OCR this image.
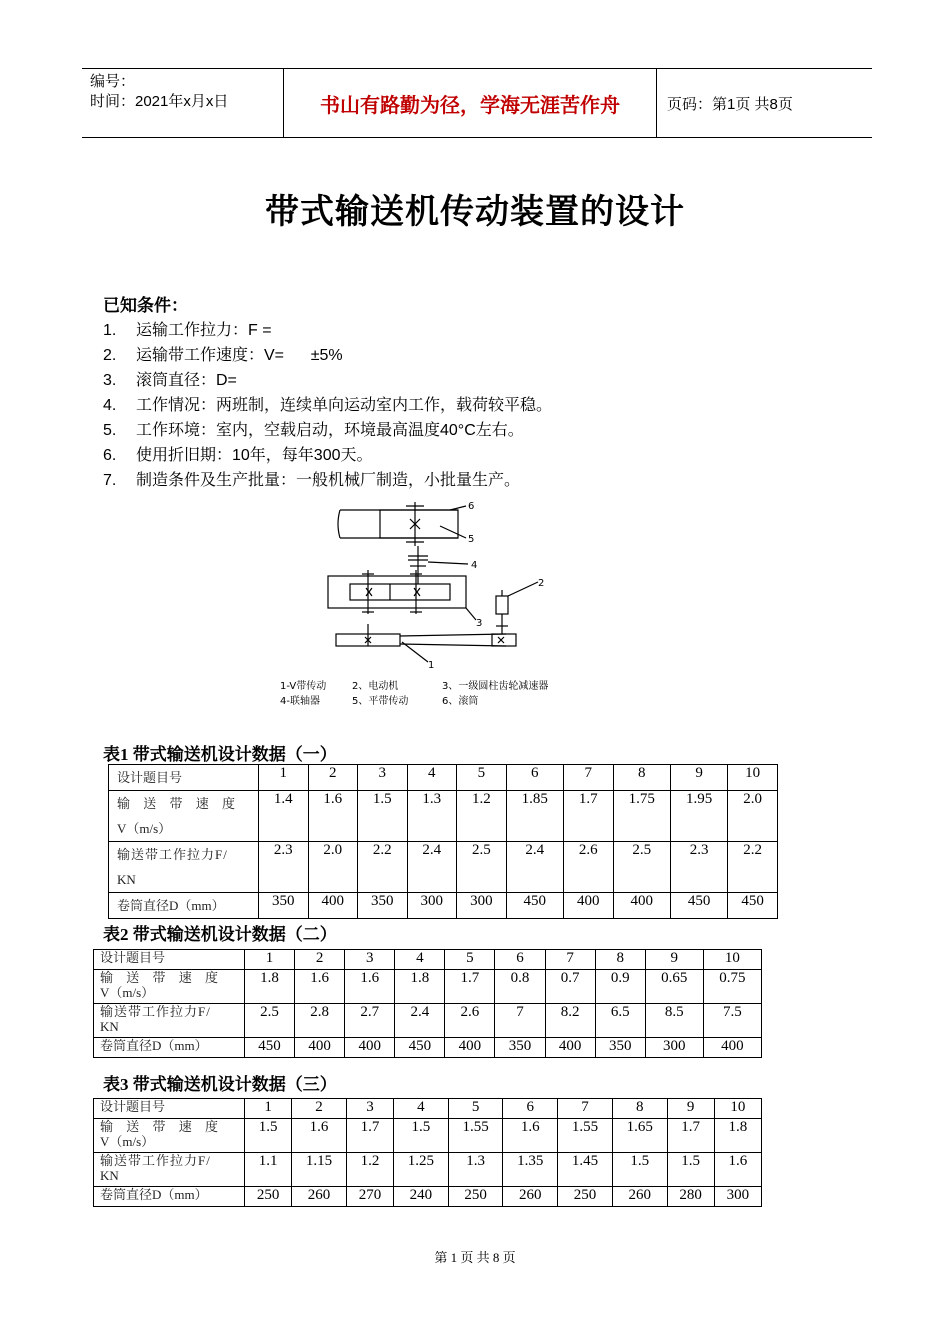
编号：
时间：2021年x月x日	书山有路勤为径，学海无涯苦作舟	页码：第1页 共8页
带式输送机传动装置的设计
已知条件：
1. 运输工作拉力：F =
2. 运输带工作速度：V=      ±5%
3. 滚筒直径：D=
4. 工作情况：两班制，连续单向运动室内工作，载荷较平稳。
5. 工作环境：室内，空载启动，环境最高温度40°C左右。
6. 使用折旧期：10年，每年300天。
7. 制造条件及生产批量：一般机械厂制造，小批量生产。
6
5
4
3
2
1
1-V带传动	2、电动机	3、一级圆柱齿轮减速器
4-联轴器	5、平带传动	6、滚筒
表1 带式输送机设计数据（一）
设计题目号	1	2	3	4	5	6	7	8	9	10

输 送 带 速 度
V（m/s）	1.4	1.6	1.5	1.3	1.2	1.85	1.7	1.75	1.95	2.0

输送带工作拉力F/
KN	2.3	2.0	2.2	2.4	2.5	2.4	2.6	2.5	2.3	2.2
卷筒直径D（mm）	350	400	350	300	300	450	400	400	450	450
表2 带式输送机设计数据（二）
设计题目号	1	2	3	4	5	6	7	8	9	10

输 送 带 速 度
V（m/s）	1.8	1.6	1.6	1.8	1.7	0.8	0.7	0.9	0.65	0.75

输送带工作拉力F/
KN	2.5	2.8	2.7	2.4	2.6	7	8.2	6.5	8.5	7.5
卷筒直径D（mm）	450	400	400	450	400	350	400	350	300	400
表3 带式输送机设计数据（三）
设计题目号	1	2	3	4	5	6	7	8	9	10

输 送 带 速 度
V（m/s）	1.5	1.6	1.7	1.5	1.55	1.6	1.55	1.65	1.7	1.8

输送带工作拉力F/
KN	1.1	1.15	1.2	1.25	1.3	1.35	1.45	1.5	1.5	1.6
卷筒直径D（mm）	250	260	270	240	250	260	250	260	280	300
第 1 页 共 8 页
